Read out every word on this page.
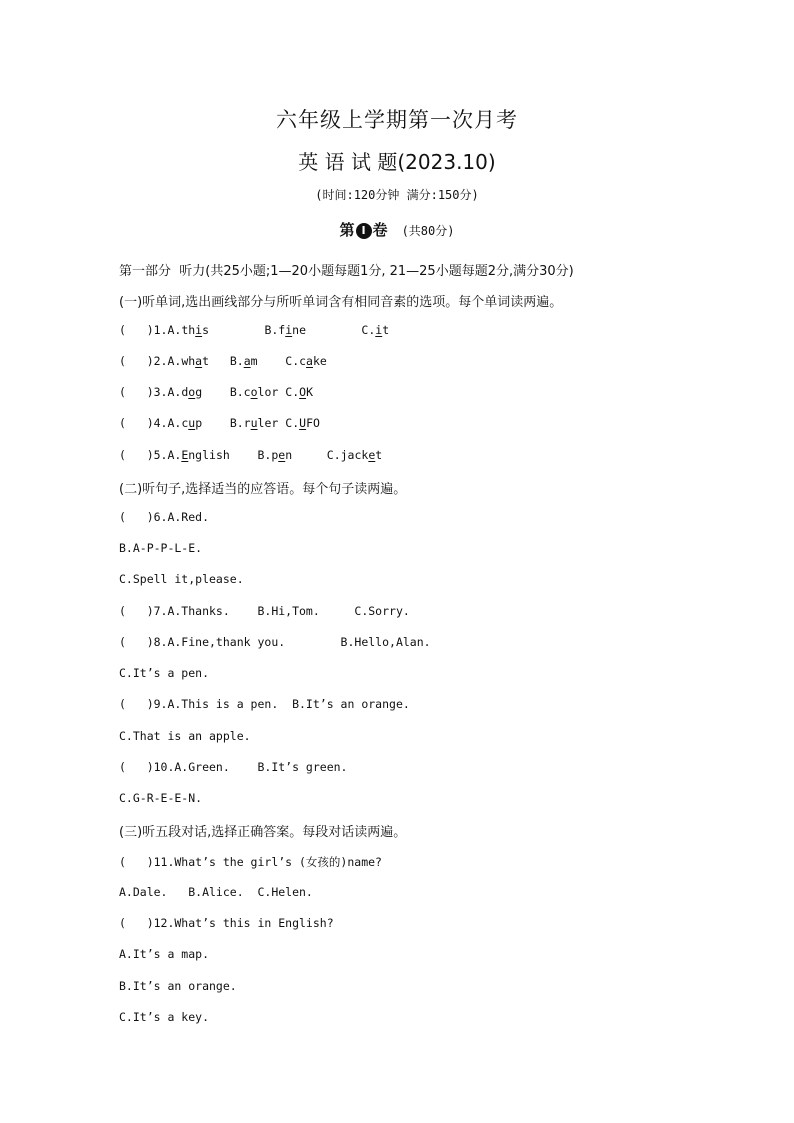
六年级上学期第一次月考
英 语 试 题(2023.10)
(时间:120分钟 满分:150分)
第 Ⅰ 卷 (共80分)
第一部分  听力(共25小题;1—20小题每题1分, 21—25小题每题2分,满分30分)
(一)听单词,选出画线部分与所听单词含有相同音素的选项。每个单词读两遍。
(   )1.A.this	B.fine	C.it
(   )2.A.what B.am C.cake
(   )3.A.dog B.color C.OK
(   )4.A.cup B.ruler C.UFO
(   )5.A.English B.pen	C.jacket
(二)听句子,选择适当的应答语。每个句子读两遍。
(   )6.A.Red.
B.A-P-P-L-E.
C.Spell it,please.
(   )7.A.Thanks.    B.Hi,Tom.     C.Sorry.
(   )8.A.Fine,thank you.        B.Hello,Alan.
C.It’s a pen.
(   )9.A.This is a pen.  B.It’s an orange.
C.That is an apple.
(   )10.A.Green.    B.It’s green.
C.G-R-E-E-N.
(三)听五段对话,选择正确答案。每段对话读两遍。
(   )11.What’s the girl’s (女孩的)name?
A.Dale.   B.Alice.  C.Helen.
(   )12.What’s this in English?
A.It’s a map.
B.It’s an orange.
C.It’s a key.
